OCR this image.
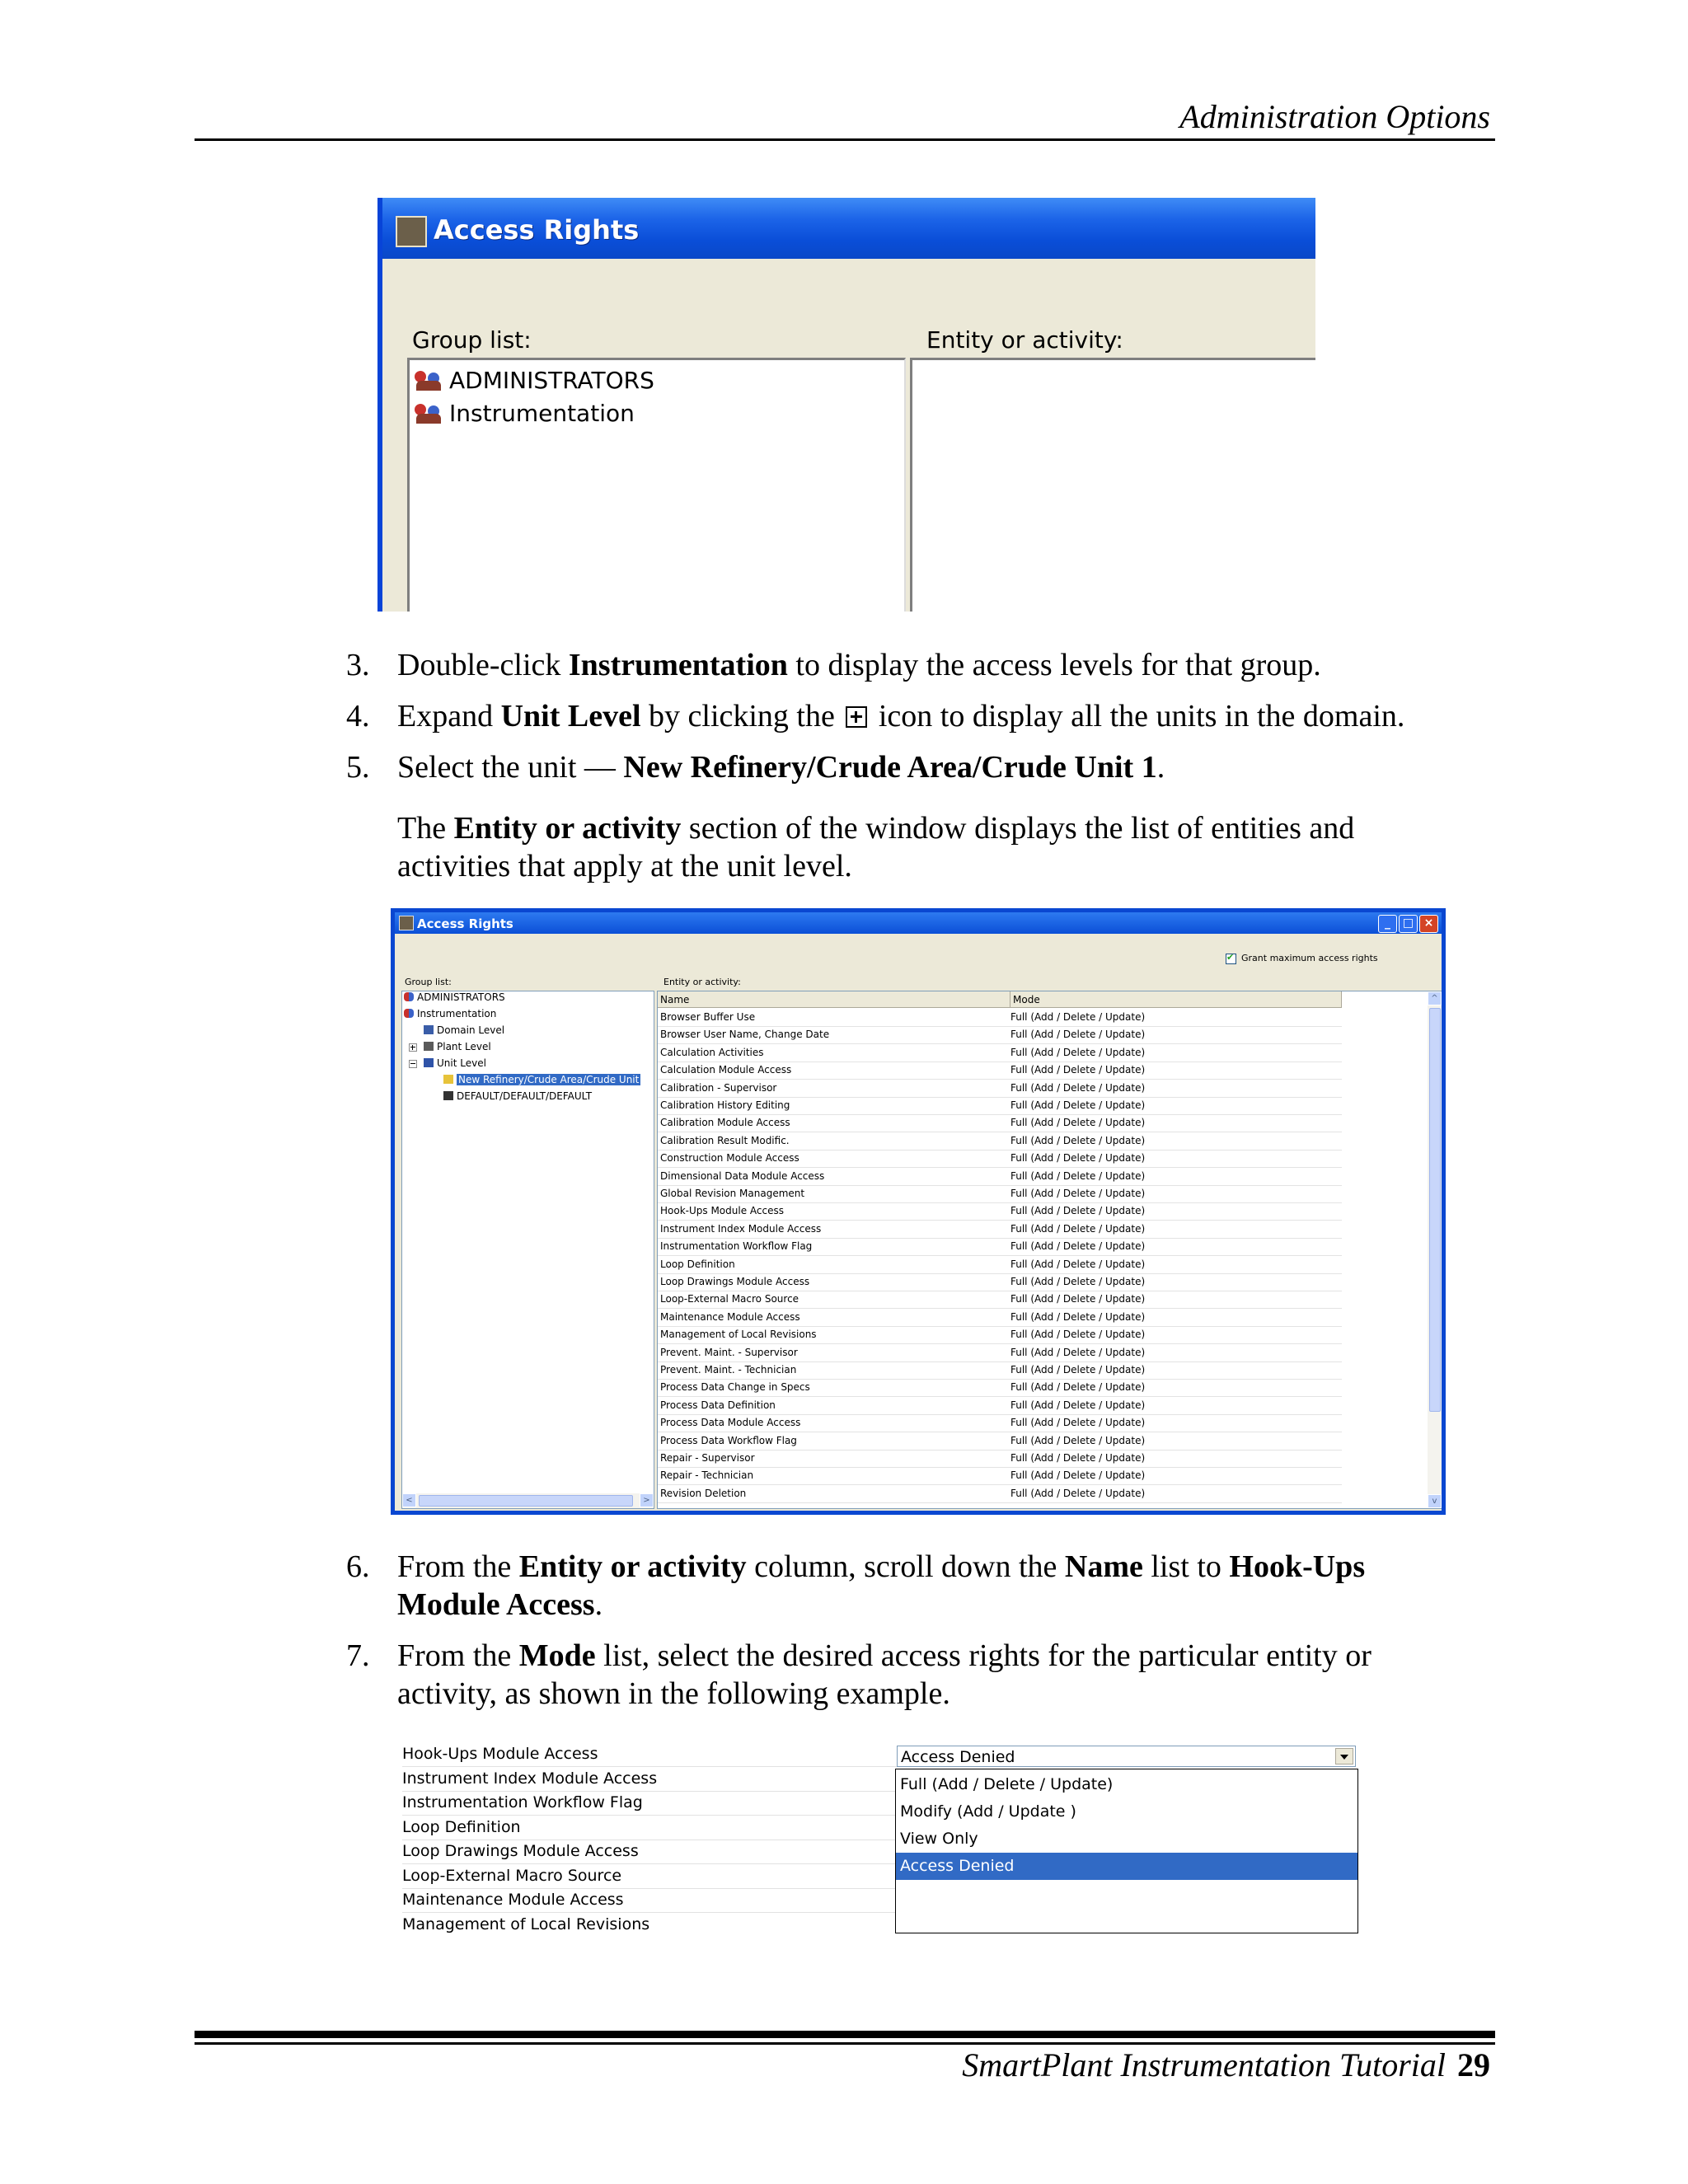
Administration Options
Access Rights
Group list:	Entity or activity:
ADMINISTRATORS
Instrumentation
3. Double-click Instrumentation to display the access levels for that group.
4. Expand Unit Level by clicking the  icon to display all the units in the domain.
5. Select the unit — New Refinery/Crude Area/Crude Unit 1.
The Entity or activity section of the window displays the list of entities and
activities that apply at the unit level.
Access Rights	_	□ ×
✔
Grant maximum access rights
Group list:	Entity or activity:
ADMINISTRATORS
Instrumentation
Domain Level
Plant Level
Unit Level
New Refinery/Crude Area/Crude Unit
DEFAULT/DEFAULT/DEFAULT
<	>
Name	Mode
Browser Buffer Use	Full (Add / Delete / Update)
Browser User Name, Change Date	Full (Add / Delete / Update)
Calculation Activities	Full (Add / Delete / Update)
Calculation Module Access	Full (Add / Delete / Update)
Calibration - Supervisor	Full (Add / Delete / Update)
Calibration History Editing	Full (Add / Delete / Update)
Calibration Module Access	Full (Add / Delete / Update)
Calibration Result Modific.	Full (Add / Delete / Update)
Construction Module Access	Full (Add / Delete / Update)
Dimensional Data Module Access	Full (Add / Delete / Update)
Global Revision Management	Full (Add / Delete / Update)
Hook-Ups Module Access	Full (Add / Delete / Update)
Instrument Index Module Access	Full (Add / Delete / Update)
Instrumentation Workflow Flag	Full (Add / Delete / Update)
Loop Definition	Full (Add / Delete / Update)
Loop Drawings Module Access	Full (Add / Delete / Update)
Loop-External Macro Source	Full (Add / Delete / Update)
Maintenance Module Access	Full (Add / Delete / Update)
Management of Local Revisions	Full (Add / Delete / Update)
Prevent. Maint. - Supervisor	Full (Add / Delete / Update)
Prevent. Maint. - Technician	Full (Add / Delete / Update)
Process Data Change in Specs	Full (Add / Delete / Update)
Process Data Definition	Full (Add / Delete / Update)
Process Data Module Access	Full (Add / Delete / Update)
Process Data Workflow Flag	Full (Add / Delete / Update)
Repair - Supervisor	Full (Add / Delete / Update)
Repair - Technician	Full (Add / Delete / Update)
Revision Deletion	Full (Add / Delete / Update)
^
v
6. From the Entity or activity column, scroll down the Name list to Hook-Ups
Module Access.
7. From the Mode list, select the desired access rights for the particular entity or
activity, as shown in the following example.
Hook-Ups Module Access
Instrument Index Module Access
Instrumentation Workflow Flag
Loop Definition
Loop Drawings Module Access
Loop-External Macro Source
Maintenance Module Access
Management of Local Revisions
Access Denied
Full (Add / Delete / Update)
Modify (Add / Update )
View Only
Access Denied
SmartPlant Instrumentation Tutorial 29
